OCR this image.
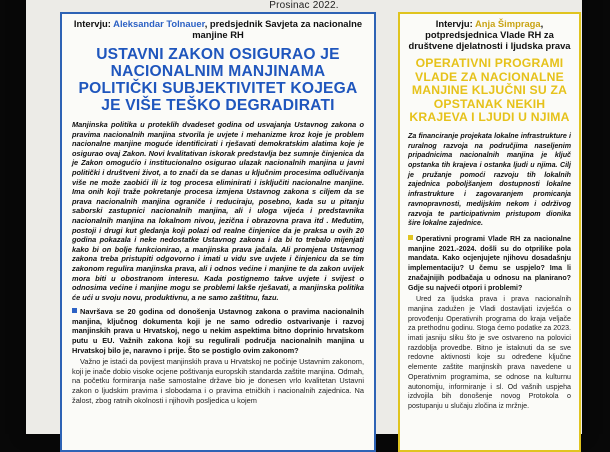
Prosinac 2022.
Intervju: Aleksandar Tolnauer, predsjednik Savjeta za nacionalne manjine RH
USTAVNI ZAKON OSIGURAO JE NACIONALNIM MANJINAMA POLITIČKI SUBJEKTIVITET KOJEGA JE VIŠE TEŠKO DEGRADIRATI

Manjinska politika u proteklih dvadeset godina od usvajanja Ustavnog zakona o pravima nacionalnih manjina stvorila je uvjete i mehanizme kroz koje je problem nacionalne manjine moguće identificirati i rješavati demokratskim alatima koje je osigurao ovaj Zakon. Novi kvalitativan iskorak predstavlja bez sumnje činjenica da je Zakon omogućio i institucionalno osigurao ulazak nacionalnih manjina u javni politički i društveni život, a to znači da se danas u ključnim procesima odlučivanja više ne može zaobići ili iz tog procesa eliminirati i isključiti nacionalne manjine. Ima onih koji traže pokretanje procesa izmjena Ustavnog zakona s ciljem da se prava nacionalnih manjina ograniče i reduciraju, posebno, kada su u pitanju saborski zastupnici nacionalnih manjina, ali i uloga vijeća i predstavnika nacionalnih manjina na lokalnom nivou, jezična i obrazovna prava itd . Međutim, postoji i drugi kut gledanja koji polazi od realne činjenice da je praksa u ovih 20 godina pokazala i neke nedostatke Ustavnog zakona i da bi to trebalo mijenjati kako bi on bolje funkcionirao, a manjinska prava jačala. Ali promjena Ustavnog zakona treba pristupiti odgovorno i imati u vidu sve uvjete i činjenicu da se tim zakonom regulira manjinska prava, ali i odnos većine i manjine te da zakon uvijek mora biti u obostranom interesu. Kada postignemo takve uvjete i svijest o odnosima većine i manjine mogu se problemi lakše rješavati, a manjinska politika će ući u svoju novu, produktivnu, a ne samo zaštitnu, fazu.

Navršava se 20 godina od donošenja Ustavnog zakona o pravima nacionalnih manjina, ključnog dokumenta koji je ne samo odredio ostvarivanje i razvoj manjinskih prava u Hrvatskoj, nego u nekim aspektima bitno doprinio hrvatskom putu u EU. Važnih zakona koji su regulirali područja nacionalnih manjina u Hrvatskoj bilo je, naravno i prije. Što se postiglo ovim zakonom?

Važno je istaći da povijest manjinskih prava u Hrvatskoj ne počinje Ustavnim zakonom, koji je inače dobio visoke ocjene poštivanja europskih standarda zaštite manjina. Odmah, na početku formiranja naše samostalne države bio je donesen vrlo kvalitetan Ustavni zakon o ljudskim pravima i slobodama i o pravima etničkih i nacionalnih zajednica. Na žalost, zbog ratnih okolnosti i njihovih posljedica u kojem

Intervju: Anja Šimpraga, potpredsjednica Vlade RH za društvene djelatnosti i ljudska prava
OPERATIVNI PROGRAMI VLADE ZA NACIONALNE MANJINE KLJUČNI SU ZA OPSTANAK NEKIH KRAJEVA I LJUDI U NJIMA

Za financiranje projekata lokalne infrastrukture i ruralnog razvoja na područjima naseljenim pripadnicima nacionalnih manjina je ključ opstanka tih krajeva i ostanka ljudi u njima. Cilj je pružanje pomoći razvoju tih lokalnih zajednica poboljšanjem dostupnosti lokalne infrastrukture i zagovaranjem promicanja ravnopravnosti, medijskim nekom i održivog razvoja te participativnim pristupom dionika šire lokalne zajednice.

Operativni programi Vlade RH za nacionalne manjine 2021.-2024. došli su do otprilike pola mandata. Kako ocjenjujete njihovu dosadašnju implementaciju? U čemu se uspjelo? Ima li značajnijih podbačaja u odnosu na planirano? Gdje su najveći otpori i problemi?

Ured za ljudska prava i prava nacionalnih manjina zadužen je Vladi dostavljati izvješća o provođenju Operativnih programa do kraja veljače za prethodnu godinu. Stoga ćemo podatke za 2023. imati jasniju sliku što je sve ostvareno na polovici razdoblja provedbe. Bitno je istaknuti da se sve redovne aktivnosti koje su određene ključne elemente zaštite manjinskih prava navedene u Operativnim programima, se odnose na kulturnu autonomiju, informiranje i sl. Od vašnih uspjeha izdvojila bih donošenje novog Protokola o postupanju u slučaju zločina iz mržnje.
